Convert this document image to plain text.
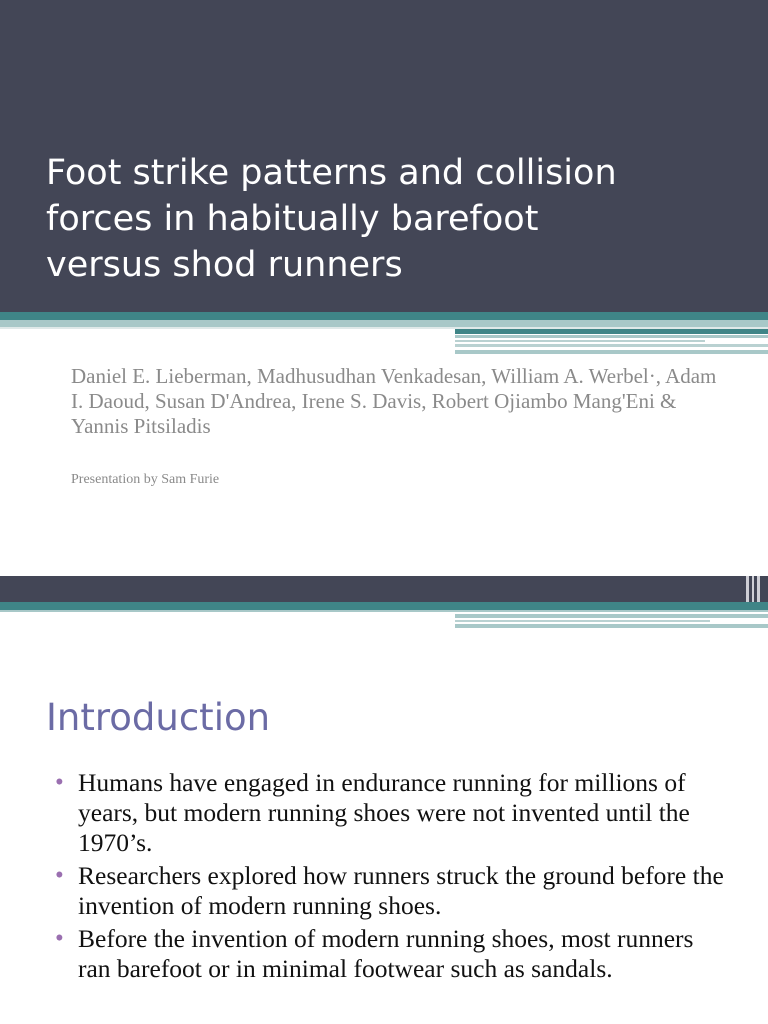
Foot strike patterns and collision
forces in habitually barefoot
versus shod runners

Daniel E. Lieberman, Madhusudhan Venkadesan, William A. Werbel·, Adam I. Daoud, Susan D'Andrea, Irene S. Davis, Robert Ojiambo Mang'Eni & Yannis Pitsiladis

Presentation by Sam Furie

Introduction
• Humans have engaged in endurance running for millions of years, but modern running shoes were not invented until the 1970’s.
• Researchers explored how runners struck the ground before the invention of modern running shoes.
• Before the invention of modern running shoes, most runners ran barefoot or in minimal footwear such as sandals.
